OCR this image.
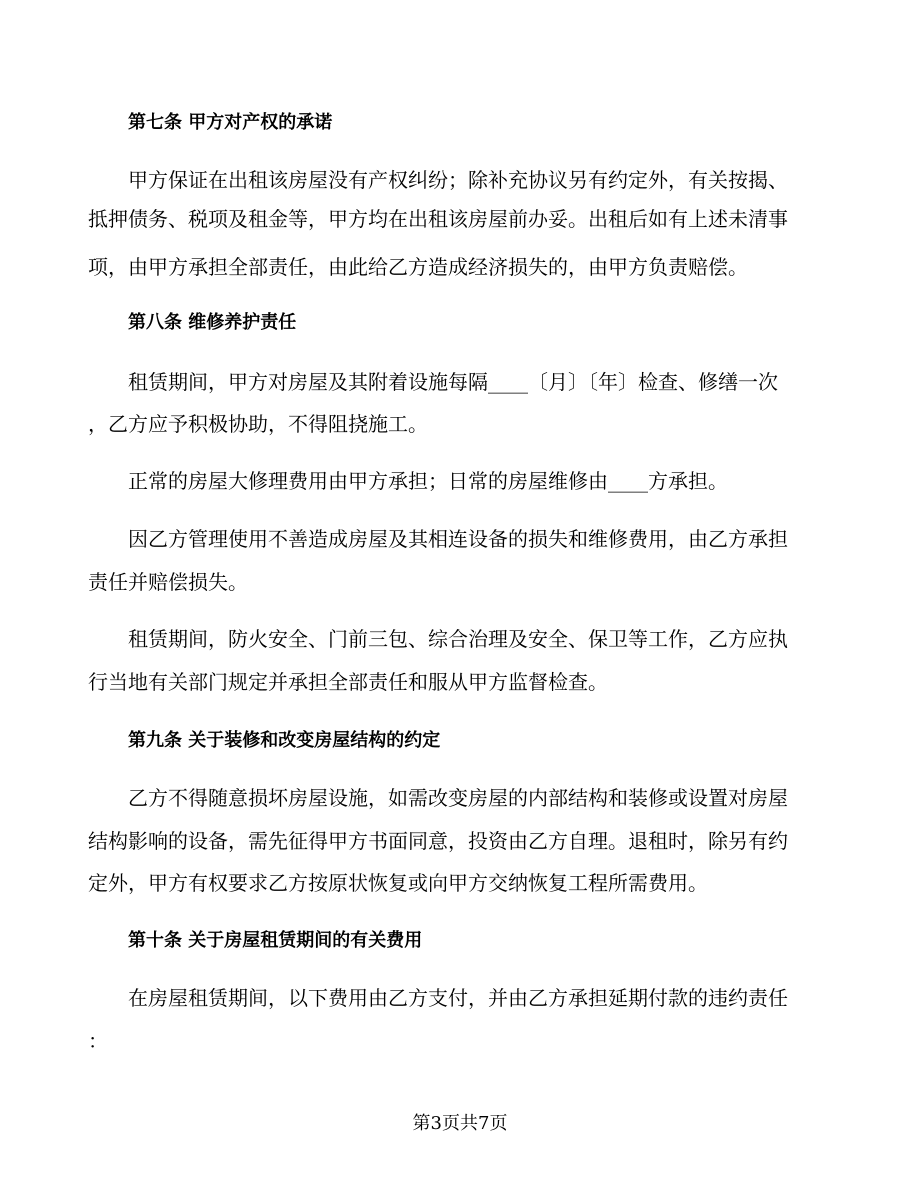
第七条 甲方对产权的承诺
甲方保证在出租该房屋没有产权纠纷；除补充协议另有约定外，有关按揭、
抵押债务、税项及租金等，甲方均在出租该房屋前办妥。出租后如有上述未清事
项，由甲方承担全部责任，由此给乙方造成经济损失的，由甲方负责赔偿。
第八条 维修养护责任
租赁期间，甲方对房屋及其附着设施每隔____〔月〕〔年〕检查、修缮一次
，乙方应予积极协助，不得阻挠施工。
正常的房屋大修理费用由甲方承担；日常的房屋维修由____方承担。
因乙方管理使用不善造成房屋及其相连设备的损失和维修费用，由乙方承担
责任并赔偿损失。
租赁期间，防火安全、门前三包、综合治理及安全、保卫等工作，乙方应执
行当地有关部门规定并承担全部责任和服从甲方监督检查。
第九条 关于装修和改变房屋结构的约定
乙方不得随意损坏房屋设施，如需改变房屋的内部结构和装修或设置对房屋
结构影响的设备，需先征得甲方书面同意，投资由乙方自理。退租时，除另有约
定外，甲方有权要求乙方按原状恢复或向甲方交纳恢复工程所需费用。
第十条 关于房屋租赁期间的有关费用
在房屋租赁期间，以下费用由乙方支付，并由乙方承担延期付款的违约责任
：
第3页共7页
